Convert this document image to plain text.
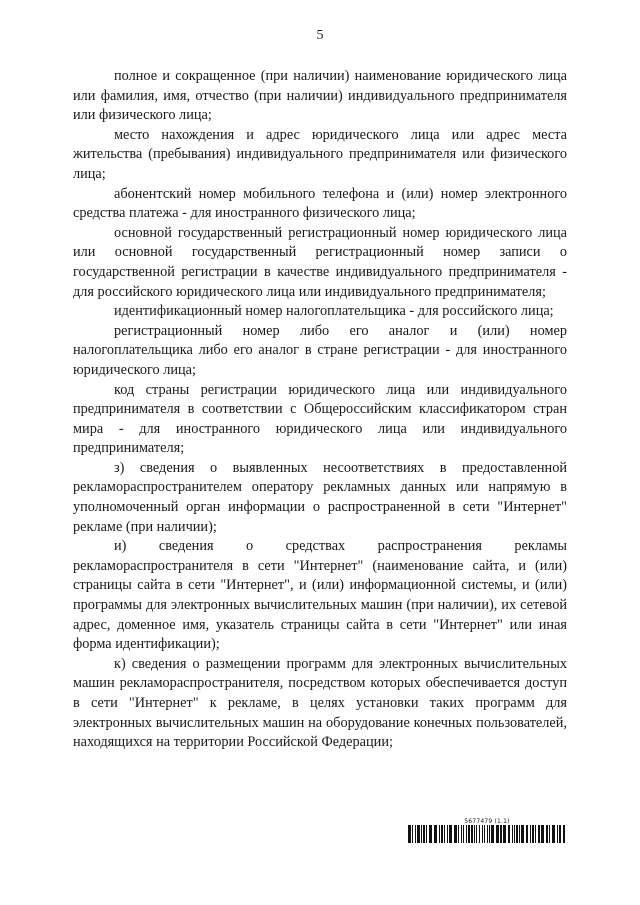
5

полное и сокращенное (при наличии) наименование юридического лица или фамилия, имя, отчество (при наличии) индивидуального предпринимателя или физического лица;

место нахождения и адрес юридического лица или адрес места жительства (пребывания) индивидуального предпринимателя или физического лица;

абонентский номер мобильного телефона и (или) номер электронного средства платежа - для иностранного физического лица;

основной государственный регистрационный номер юридического лица или основной государственный регистрационный номер записи о государственной регистрации в качестве индивидуального предпринимателя - для российского юридического лица или индивидуального предпринимателя;

идентификационный номер налогоплательщика - для российского лица;

регистрационный номер либо его аналог и (или) номер налогоплательщика либо его аналог в стране регистрации - для иностранного юридического лица;

код страны регистрации юридического лица или индивидуального предпринимателя в соответствии с Общероссийским классификатором стран мира - для иностранного юридического лица или индивидуального предпринимателя;

з) сведения о выявленных несоответствиях в предоставленной рекламораспространителем оператору рекламных данных или напрямую в уполномоченный орган информации о распространенной в сети "Интернет" рекламе (при наличии);

и) сведения о средствах распространения рекламы рекламораспространителя в сети "Интернет" (наименование сайта, и (или) страницы сайта в сети "Интернет", и (или) информационной системы, и (или) программы для электронных вычислительных машин (при наличии), их сетевой адрес, доменное имя, указатель страницы сайта в сети "Интернет" или иная форма идентификации);

к) сведения о размещении программ для электронных вычислительных машин рекламораспространителя, посредством которых обеспечивается доступ в сети "Интернет" к рекламе, в целях установки таких программ для электронных вычислительных машин на оборудование конечных пользователей, находящихся на территории Российской Федерации;

5677479 (1.1)
